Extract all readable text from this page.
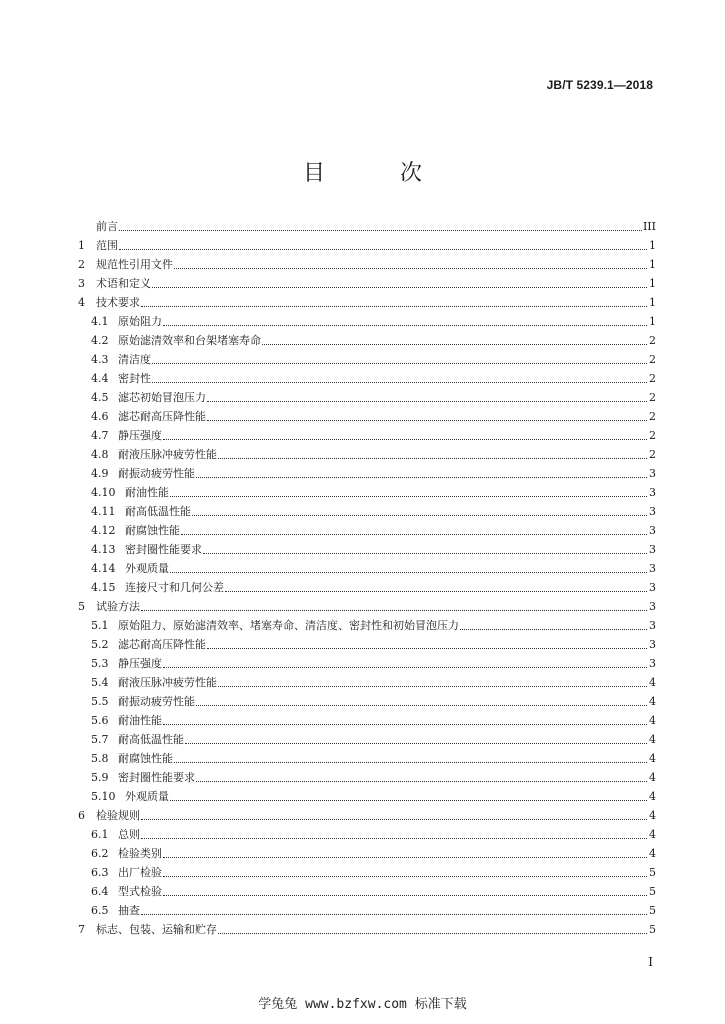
JB/T 5239.1—2018
目 次
前言	III
1	范围	1
2	规范性引用文件	1
3	术语和定义	1
4	技术要求	1
4.1 原始阻力	1
4.2 原始滤清效率和台架堵塞寿命	2
4.3 清洁度	2
4.4 密封性	2
4.5 滤芯初始冒泡压力	2
4.6 滤芯耐高压降性能	2
4.7 静压强度	2
4.8 耐液压脉冲疲劳性能	2
4.9 耐振动疲劳性能	3
4.10 耐油性能	3
4.11 耐高低温性能	3
4.12 耐腐蚀性能	3
4.13 密封圈性能要求	3
4.14 外观质量	3
4.15 连接尺寸和几何公差	3
5	试验方法	3
5.1 原始阻力、原始滤清效率、堵塞寿命、清洁度、密封性和初始冒泡压力	3
5.2 滤芯耐高压降性能	3
5.3 静压强度	3
5.4 耐液压脉冲疲劳性能	4
5.5 耐振动疲劳性能	4
5.6 耐油性能	4
5.7 耐高低温性能	4
5.8 耐腐蚀性能	4
5.9 密封圈性能要求	4
5.10 外观质量	4
6	检验规则	4
6.1 总则	4
6.2 检验类别	4
6.3 出厂检验	5
6.4 型式检验	5
6.5 抽查	5
7	标志、包装、运输和贮存	5
I
学兔兔 www.bzfxw.com 标准下载
